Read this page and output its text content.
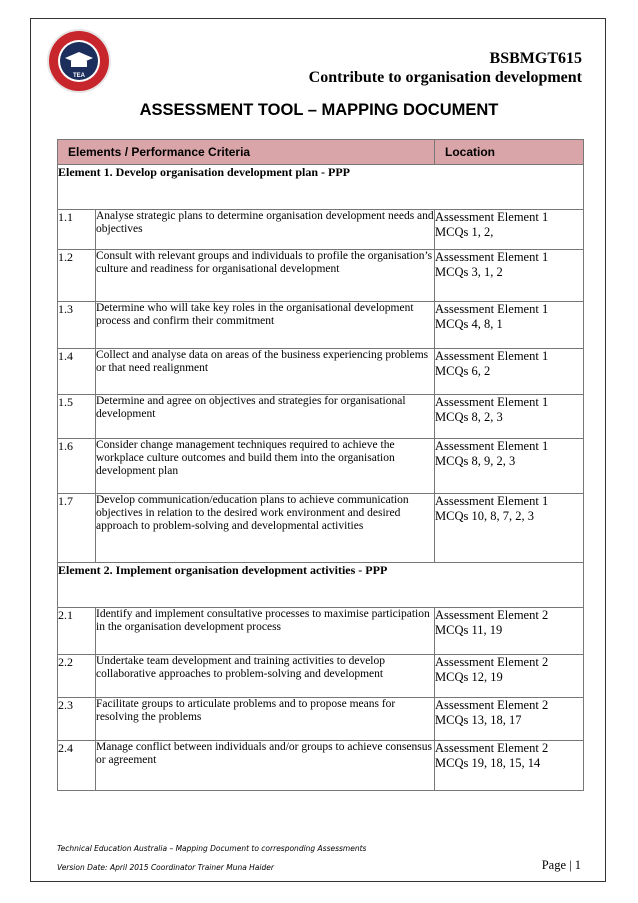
TEA
BSBMGT615
Contribute to organisation development
ASSESSMENT TOOL – MAPPING DOCUMENT
Elements / Performance Criteria		Location
Element 1. Develop organisation development plan - PPP		
1.1	Analyse strategic plans to determine organisation development needs and objectives	Assessment Element 1
MCQs 1, 2,

1.2	Consult with relevant groups and individuals to profile the organisation’s culture and readiness for organisational development	Assessment Element 1
MCQs 3, 1, 2

1.3	Determine who will take key roles in the organisational development process and confirm their commitment	Assessment Element 1
MCQs 4, 8, 1

1.4	Collect and analyse data on areas of the business experiencing problems or that need realignment	Assessment Element 1
MCQs 6, 2

1.5	Determine and agree on objectives and strategies for organisational development	Assessment Element 1
MCQs 8, 2, 3

1.6	Consider change management techniques required to achieve the workplace culture outcomes and build them into the organisation development plan	Assessment Element 1
MCQs 8, 9, 2, 3

1.7	Develop communication/education plans to achieve communication objectives in relation to the desired work environment and desired approach to problem-solving and developmental activities	Assessment Element 1
MCQs 10, 8, 7, 2, 3

Element 2. Implement organisation development activities - PPP		
2.1	Identify and implement consultative processes to maximise participation in the organisation development process	Assessment Element 2
MCQs 11, 19

2.2	Undertake team development and training activities to develop collaborative approaches to problem-solving and development	Assessment Element 2
MCQs 12, 19

2.3	Facilitate groups to articulate problems and to propose means for resolving the problems	Assessment Element 2
MCQs 13, 18, 17

2.4	Manage conflict between individuals and/or groups to achieve consensus or agreement	Assessment Element 2
MCQs 19, 18, 15, 14
Technical Education Australia – Mapping Document to corresponding Assessments
Version Date: April 2015 Coordinator Trainer Muna Haider	Page | 1
